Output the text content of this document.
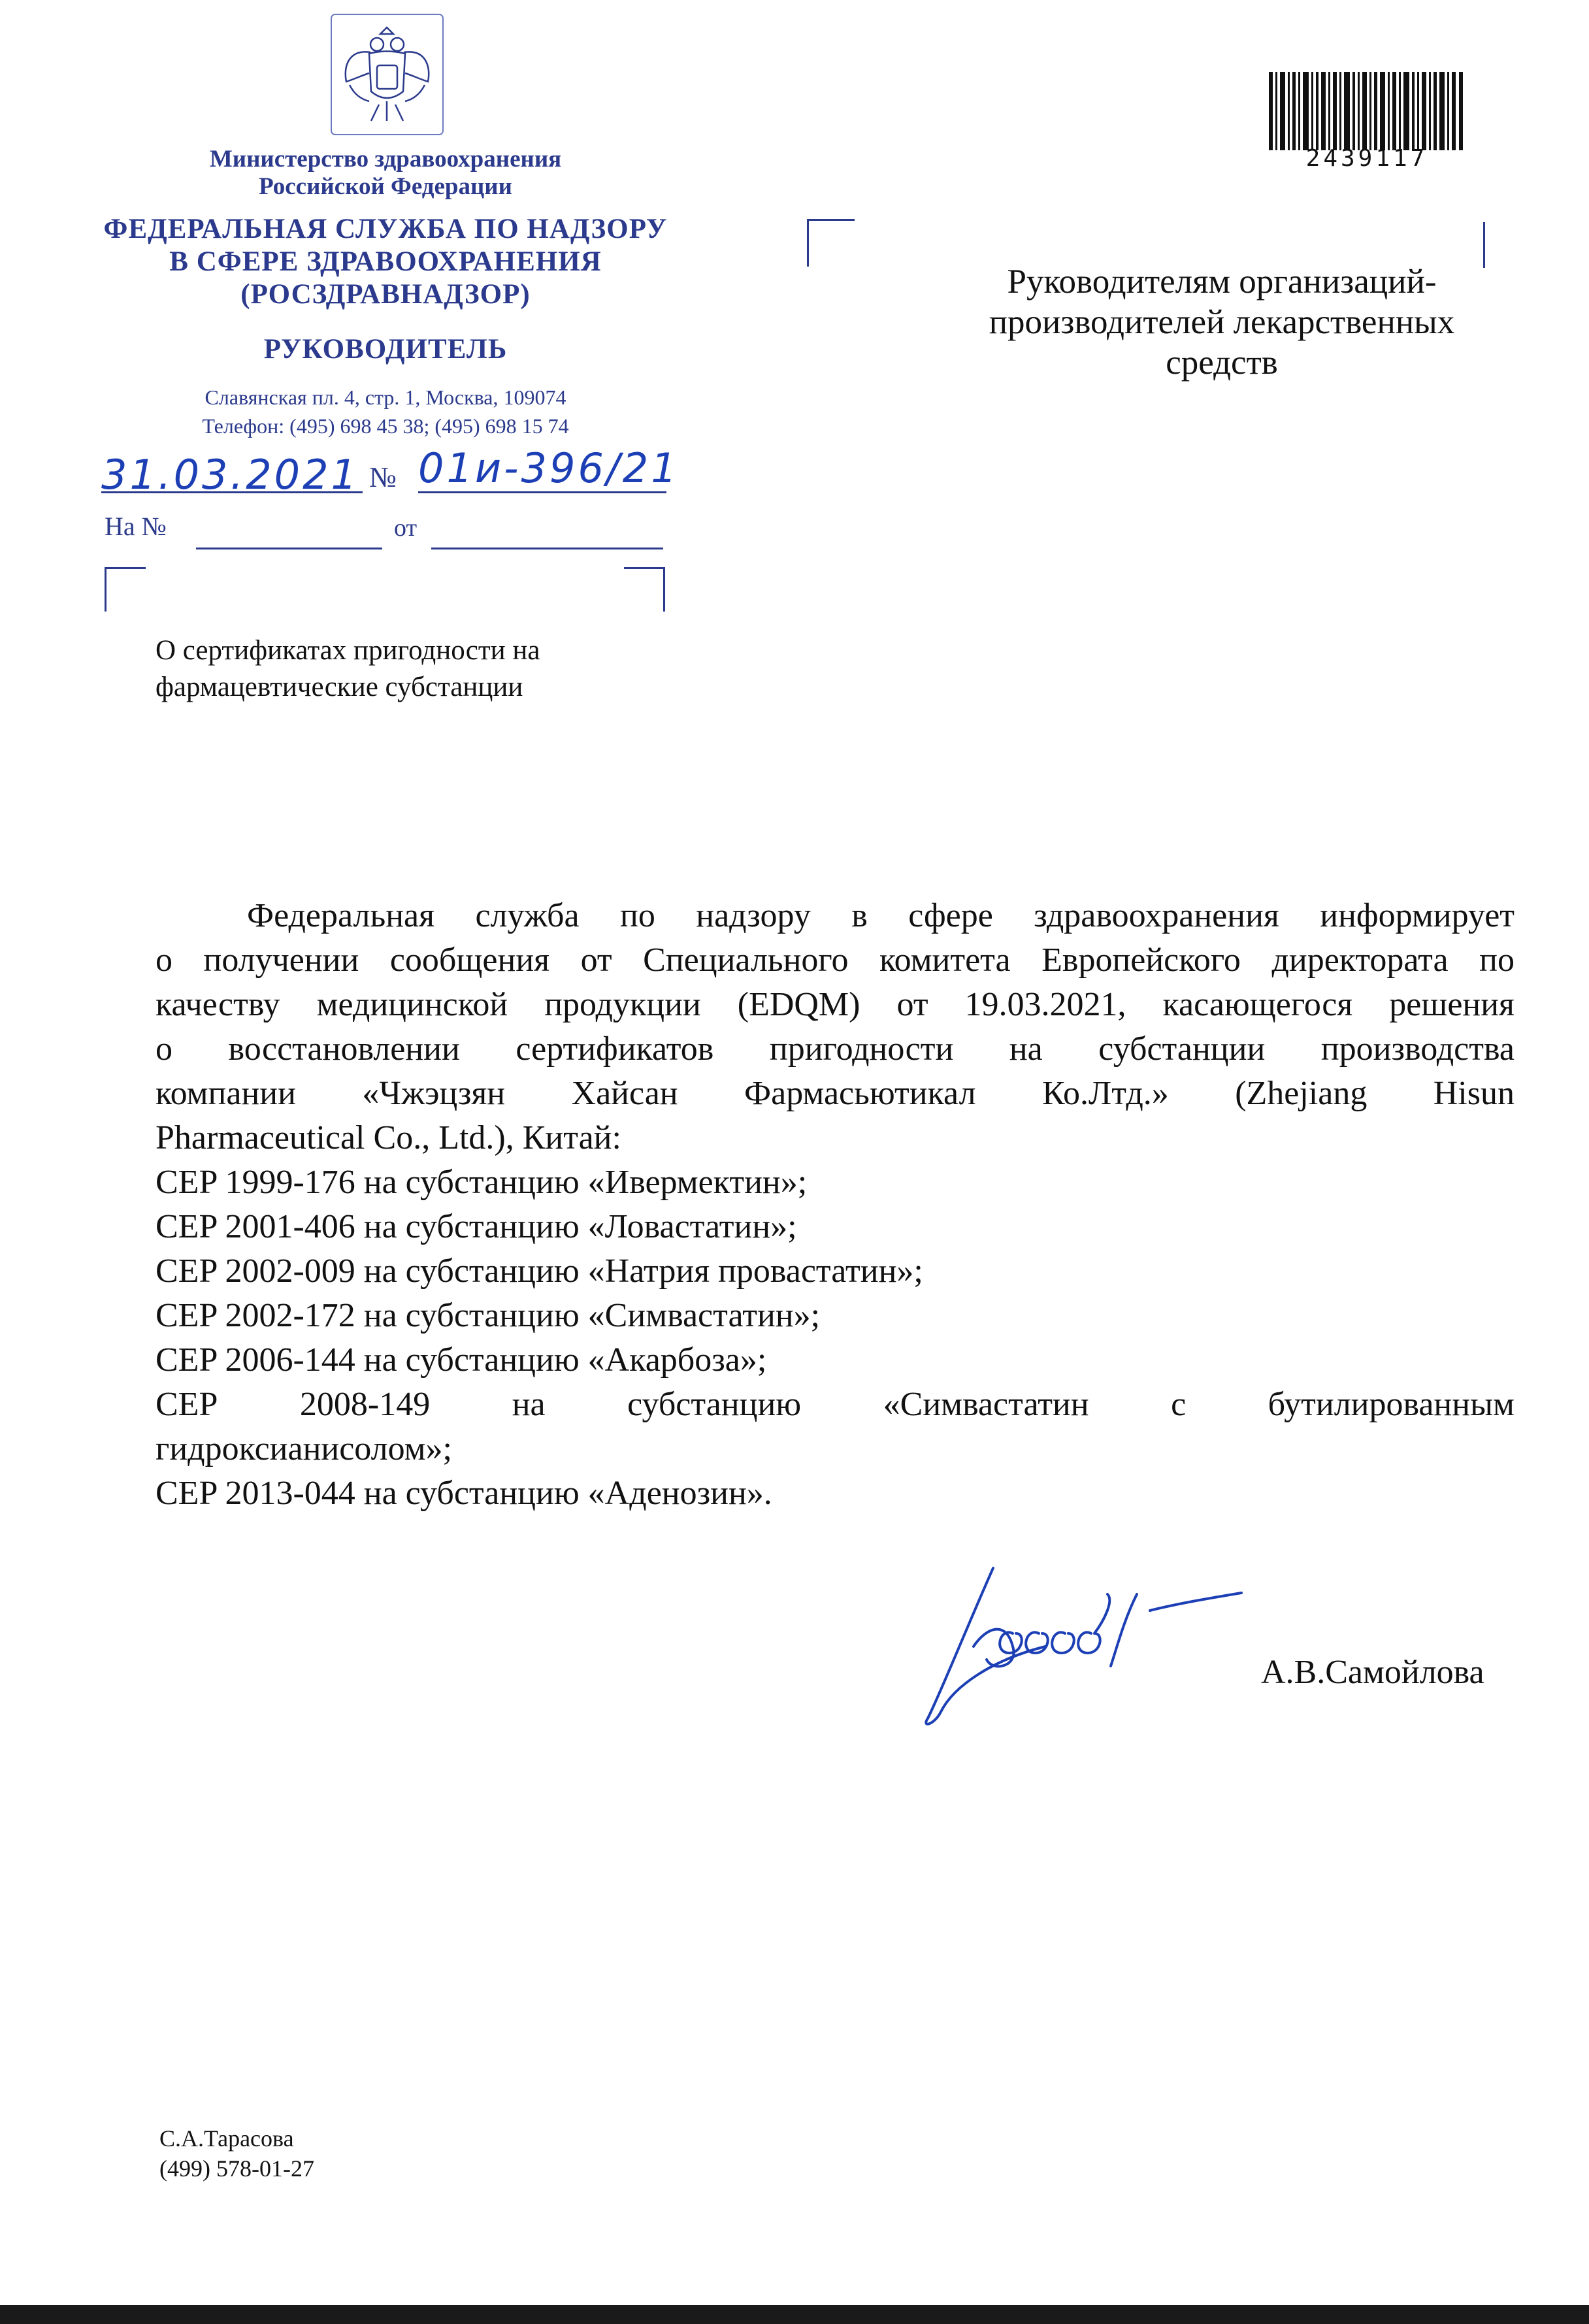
Министерство здравоохранения
Российской Федерации
ФЕДЕРАЛЬНАЯ СЛУЖБА ПО НАДЗОРУ
В СФЕРЕ ЗДРАВООХРАНЕНИЯ
(РОСЗДРАВНАДЗОР)
РУКОВОДИТЕЛЬ
Славянская пл. 4, стр. 1, Москва, 109074
Телефон: (495) 698 45 38; (495) 698 15 74
31.03.2021 № 01и-396/21
На №	от
2439117
Руководителям организаций-
производителей лекарственных
средств
О сертификатах пригодности на
фармацевтические субстанции
Федеральная служба по надзору в сфере здравоохранения информирует
о получении сообщения от Специального комитета Европейского директората по
качеству медицинской продукции (EDQM) от 19.03.2021, касающегося решения
о восстановлении сертификатов пригодности на субстанции производства
компании «Чжэцзян Хайсан Фармасьютикал Ко.Лтд.» (Zhejiang Hisun
Pharmaceutical Co., Ltd.), Китай:
CEP 1999-176 на субстанцию «Ивермектин»;
CEP 2001-406 на субстанцию «Ловастатин»;
CEP 2002-009 на субстанцию «Натрия провастатин»;
CEP 2002-172 на субстанцию «Симвастатин»;
CEP 2006-144 на субстанцию «Акарбоза»;
CEP 2008-149 на субстанцию «Симвастатин с бутилированным
гидроксианисолом»;
CEP 2013-044 на субстанцию «Аденозин».
А.В.Самойлова
С.А.Тарасова
(499) 578-01-27
